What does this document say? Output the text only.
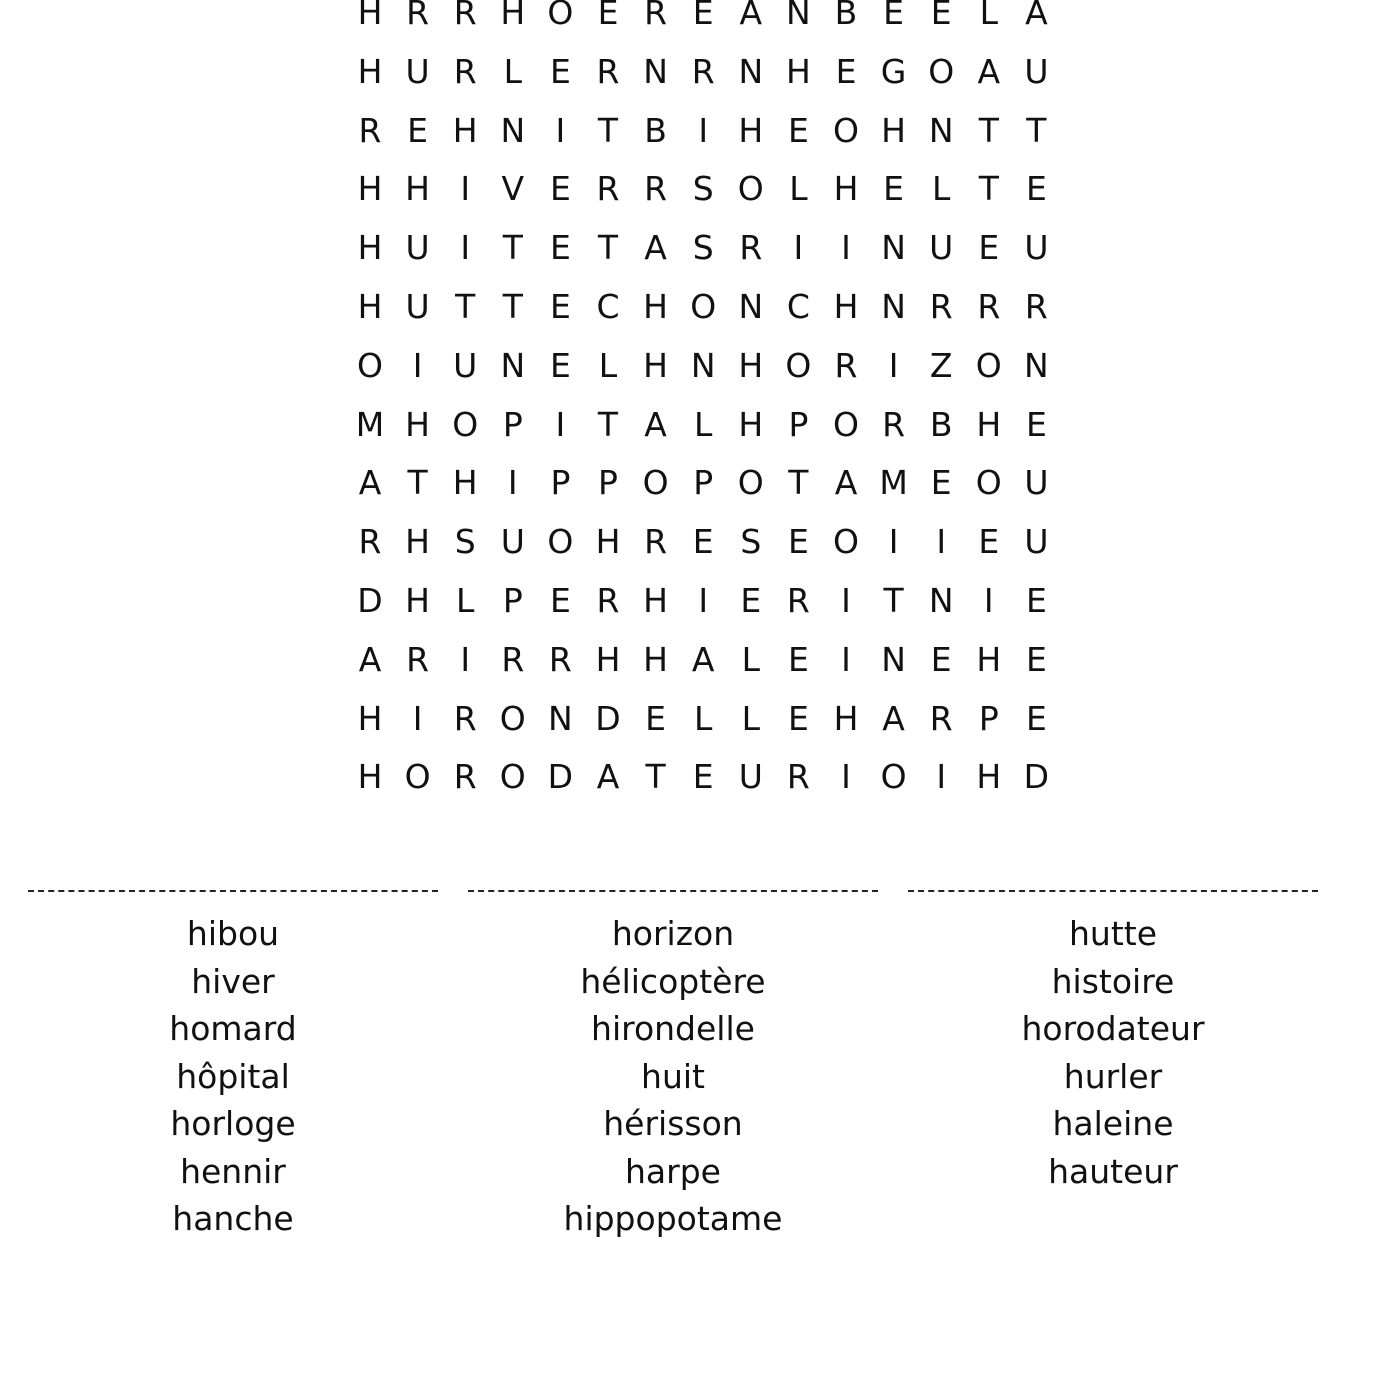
H R R H O E R E A N B E E L A
H U R L E R N R N H E G O A U
R E H N I T B I H E O H N T T
H H I V E R R S O L H E L T E
H U I T E T A S R I	I N U E U
H U T T E C H O N C H N R R R
O I U N E L H N H O R I Z O N
M H O P I T A L H P O R B H E
A T H I P P O P O T A M E O U
R H S U O H R E S E O I	I E U
D H L P E R H I E R I T N I E
A R I R R H H A L E I N E H E
H I R O N D E L L E H A R P E
H O R O D A T E U R I O I H D
hibou
hiver
homard
hôpital
horloge
hennir
hanche
horizon
hélicoptère
hirondelle
huit
hérisson
harpe
hippopotame
hutte
histoire
horodateur
hurler
haleine
hauteur
